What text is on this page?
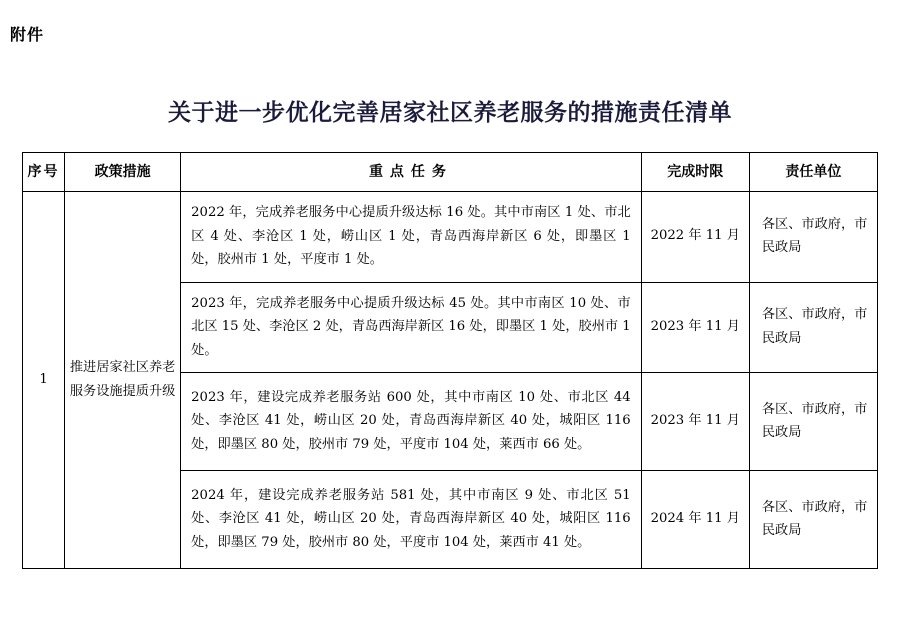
附件
关于进一步优化完善居家社区养老服务的措施责任清单
序号	政策措施	重点任务	完成时限	责任单位
1	推进居家社区养老服务设施提质升级	2022 年，完成养老服务中心提质升级达标 16 处。其中市南区 1 处、市北区 4 处、李沧区 1 处，崂山区 1 处，青岛西海岸新区 6 处，即墨区 1 处，胶州市 1 处，平度市 1 处。	2022 年 11 月	各区、市政府，市民政局

		2023 年，完成养老服务中心提质升级达标 45 处。其中市南区 10 处、市北区 15 处、李沧区 2 处，青岛西海岸新区 16 处，即墨区 1 处，胶州市 1 处。	2023 年 11 月	各区、市政府，市民政局

		2023 年，建设完成养老服务站 600 处，其中市南区 10 处、市北区 44 处、李沧区 41 处，崂山区 20 处，青岛西海岸新区 40 处，城阳区 116 处，即墨区 80 处，胶州市 79 处，平度市 104 处，莱西市 66 处。	2023 年 11 月	各区、市政府，市民政局

		2024 年，建设完成养老服务站 581 处，其中市南区 9 处、市北区 51 处、李沧区 41 处，崂山区 20 处，青岛西海岸新区 40 处，城阳区 116 处，即墨区 79 处，胶州市 80 处，平度市 104 处，莱西市 41 处。	2024 年 11 月	各区、市政府，市民政局
